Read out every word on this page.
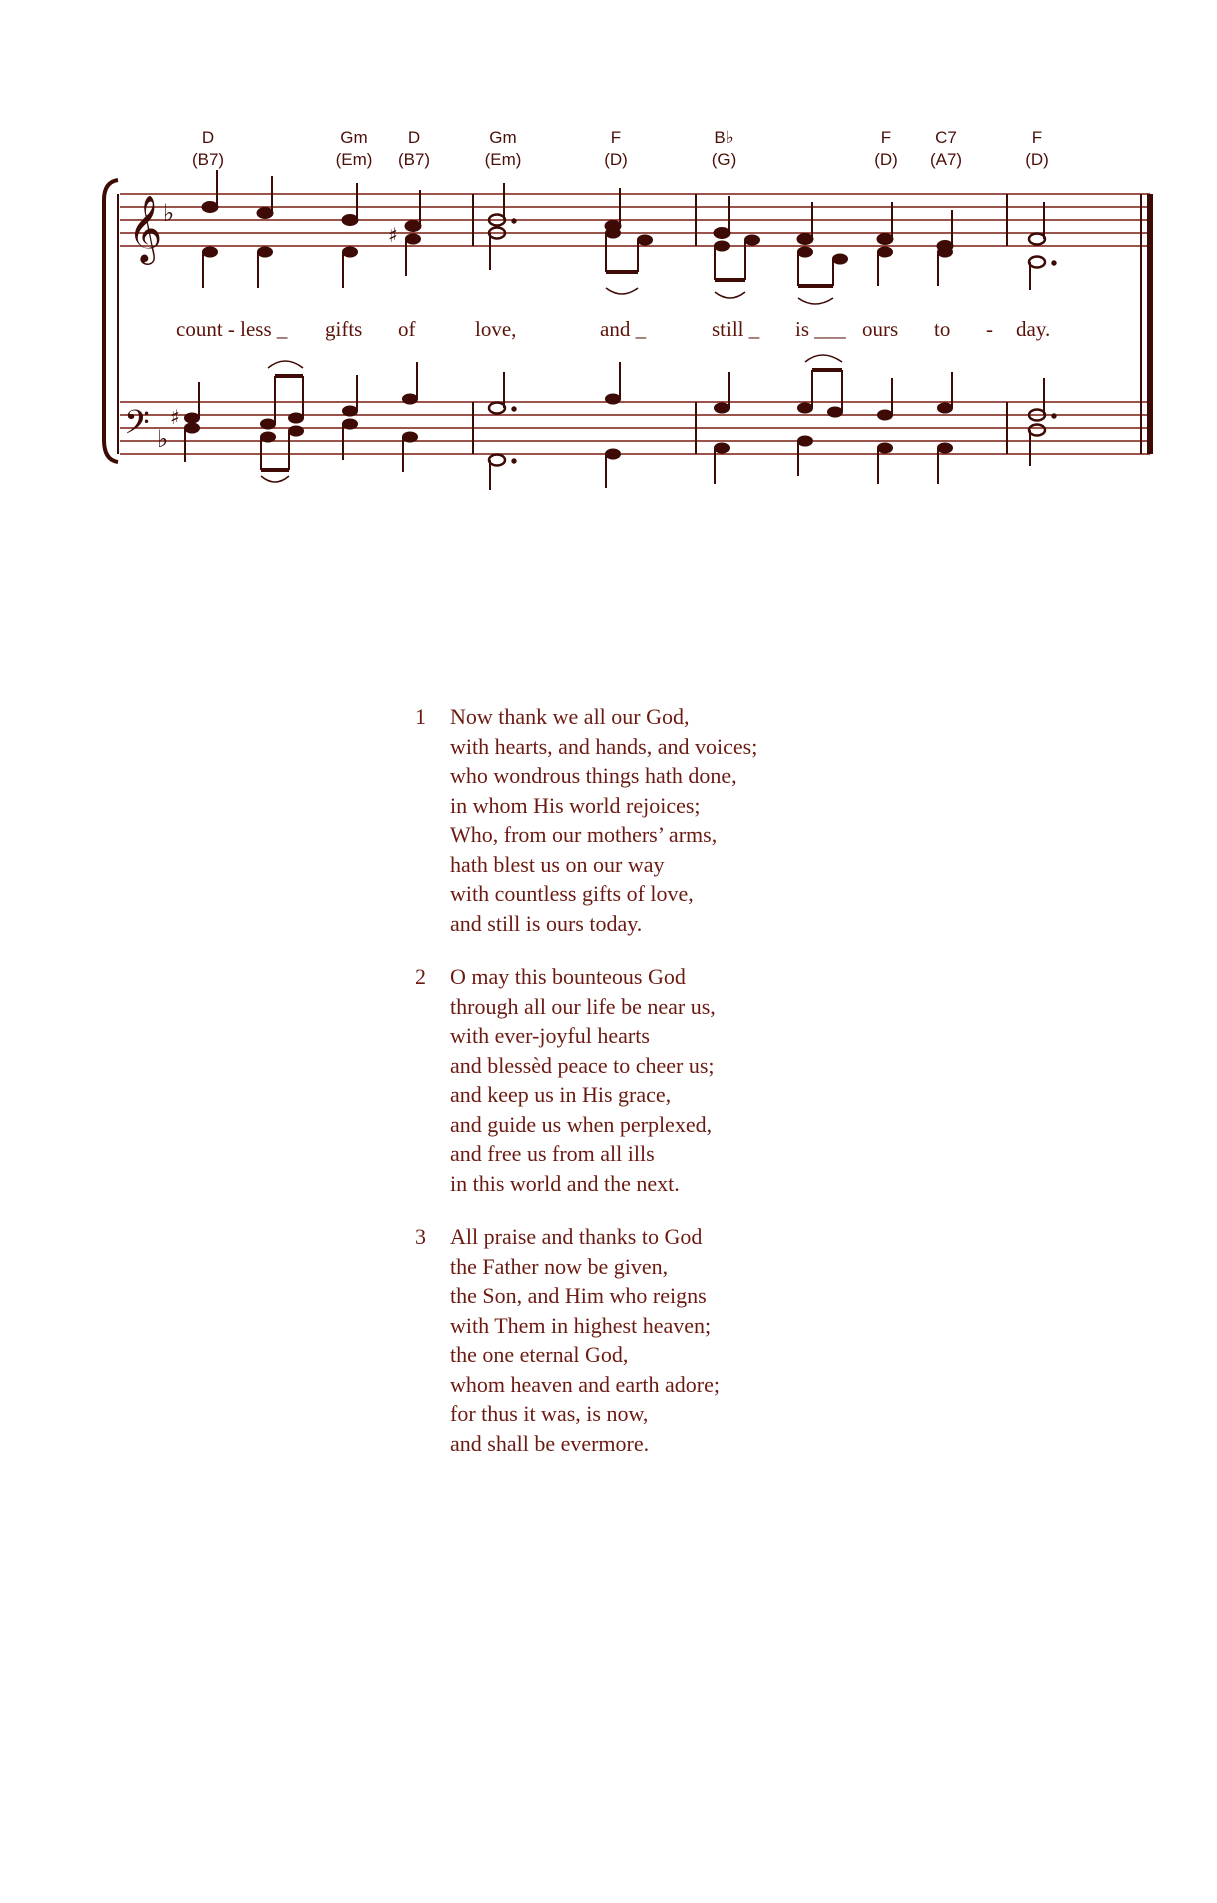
D
(B7)
Gm
(Em)
D
(B7)
Gm
(Em)
F
(D)
B♭
(G)
F
(D)
C7
(A7)
F
(D)
𝄞 ♭
𝄢 ♭
♯
count - less _ gifts of	love,	and _	still _ is ___ ours to - day.
♯
1	Now thank we all our God,
with hearts, and hands, and voices;
who wondrous things hath done,
in whom His world rejoices;
Who, from our mothers’ arms,
hath blest us on our way
with countless gifts of love,
and still is ours today.
2	O may this bounteous God
through all our life be near us,
with ever-joyful hearts
and blessèd peace to cheer us;
and keep us in His grace,
and guide us when perplexed,
and free us from all ills
in this world and the next.
3	All praise and thanks to God
the Father now be given,
the Son, and Him who reigns
with Them in highest heaven;
the one eternal God,
whom heaven and earth adore;
for thus it was, is now,
and shall be evermore.
